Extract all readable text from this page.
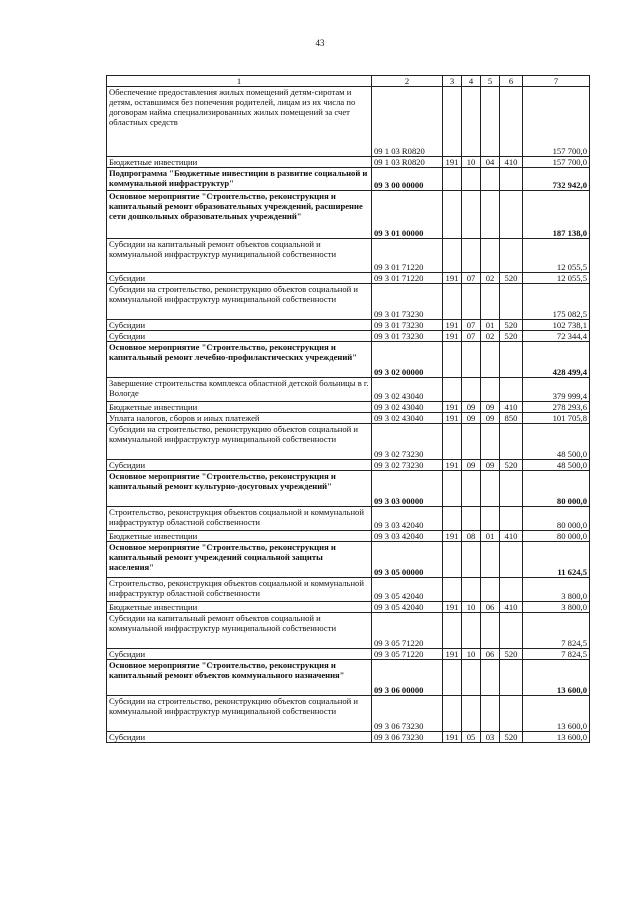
43
1	2	3	4	5	6	7
Обеспечение предоставления жилых помещений детям-сиротам и детям, оставшимся без попечения родителей, лицам из их числа по договорам найма специализированных жилых помещений за счет областных средств	09 1 03 R0820					157 700,0
Бюджетные инвестиции	09 1 03 R0820	191	10	04	410	157 700,0
Подпрограмма "Бюджетные инвестиции в развитие социальной и коммунальной инфраструктур"	09 3 00 00000					732 942,0
Основное мероприятие "Строительство, реконструкция и капитальный ремонт образовательных учреждений, расширение сети дошкольных образовательных учреждений"	09 3 01 00000					187 138,0
Субсидии на капитальный ремонт объектов социальной и коммунальной инфраструктур муниципальной собственности	09 3 01 71220					12 055,5
Субсидии	09 3 01 71220	191	07	02	520	12 055,5
Субсидии на строительство, реконструкцию объектов социальной и коммунальной инфраструктур муниципальной собственности	09 3 01 73230					175 082,5
Субсидии	09 3 01 73230	191	07	01	520	102 738,1
Субсидии	09 3 01 73230	191	07	02	520	72 344,4
Основное мероприятие "Строительство, реконструкция и капитальный ремонт лечебно-профилактических учреждений"	09 3 02 00000					428 499,4
Завершение строительства комплекса областной детской больницы в г. Вологде	09 3 02 43040					379 999,4
Бюджетные инвестиции	09 3 02 43040	191	09	09	410	278 293,6
Уплата налогов, сборов и иных платежей	09 3 02 43040	191	09	09	850	101 705,8
Субсидии на строительство, реконструкцию объектов социальной и коммунальной инфраструктур муниципальной собственности	09 3 02 73230					48 500,0
Субсидии	09 3 02 73230	191	09	09	520	48 500,0
Основное мероприятие "Строительство, реконструкция и капитальный ремонт культурно-досуговых учреждений"	09 3 03 00000					80 000,0
Строительство, реконструкция объектов социальной и коммунальной инфраструктур областной собственности	09 3 03 42040					80 000,0
Бюджетные инвестиции	09 3 03 42040	191	08	01	410	80 000,0
Основное мероприятие "Строительство, реконструкция и капитальный ремонт учреждений социальной защиты населения"	09 3 05 00000					11 624,5
Строительство, реконструкция объектов социальной и коммунальной инфраструктур областной собственности	09 3 05 42040					3 800,0
Бюджетные инвестиции	09 3 05 42040	191	10	06	410	3 800,0
Субсидии на капитальный ремонт объектов социальной и коммунальной инфраструктур муниципальной собственности	09 3 05 71220					7 824,5
Субсидии	09 3 05 71220	191	10	06	520	7 824,5
Основное мероприятие "Строительство, реконструкция и капитальный ремонт объектов коммунального назначения"	09 3 06 00000					13 600,0
Субсидии на строительство, реконструкцию объектов социальной и коммунальной инфраструктур муниципальной собственности	09 3 06 73230					13 600,0
Субсидии	09 3 06 73230	191	05	03	520	13 600,0
